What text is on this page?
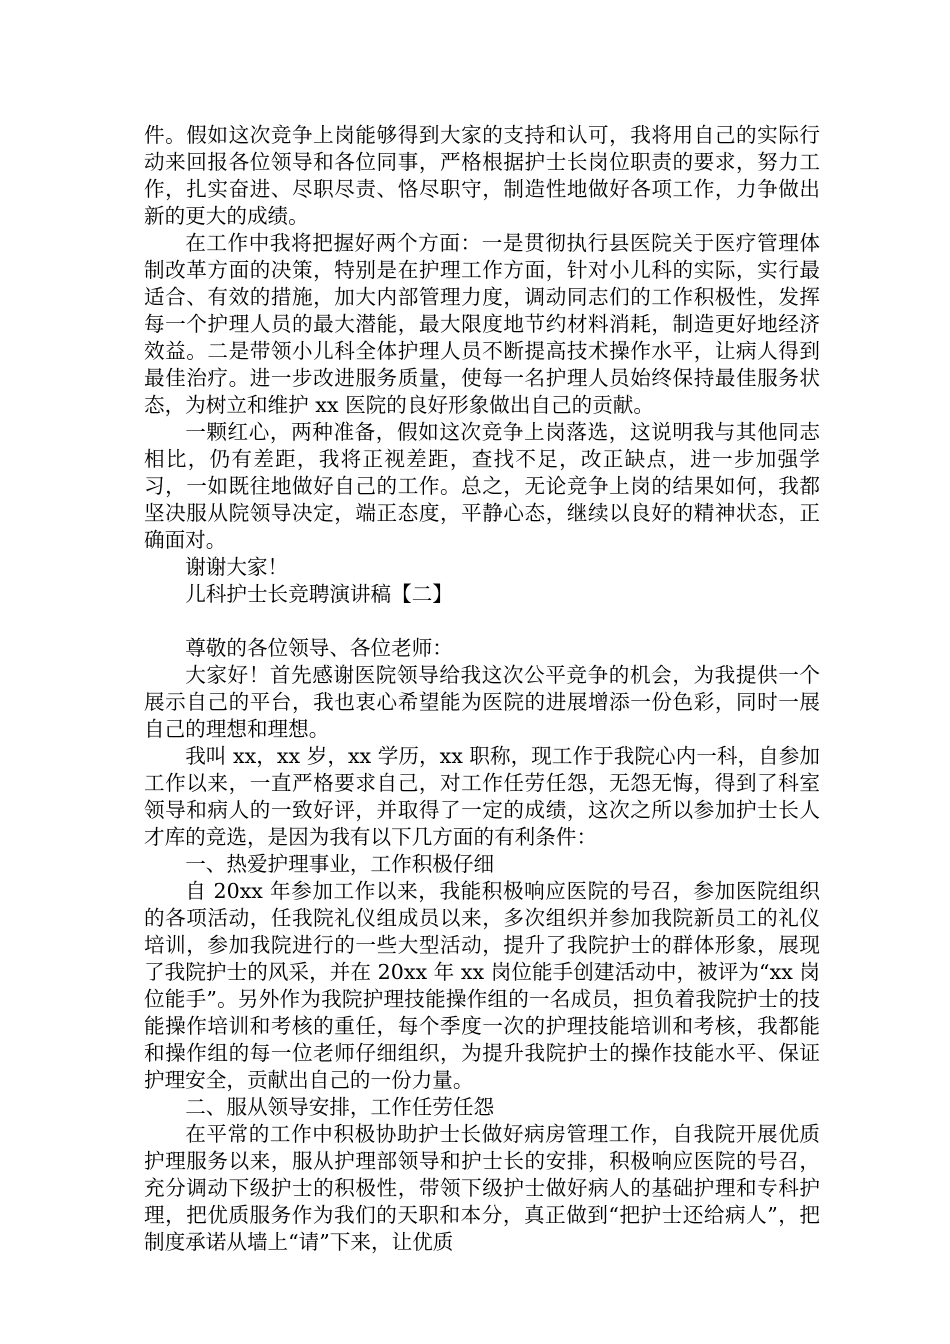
件。假如这次竞争上岗能够得到大家的支持和认可，我将用自己的实际行动来回报各位领导和各位同事，严格根据护士长岗位职责的要求，努力工作，扎实奋进、尽职尽责、恪尽职守，制造性地做好各项工作，力争做出新的更大的成绩。

在工作中我将把握好两个方面：一是贯彻执行县医院关于医疗管理体制改革方面的决策，特别是在护理工作方面，针对小儿科的实际，实行最适合、有效的措施，加大内部管理力度，调动同志们的工作积极性，发挥每一个护理人员的最大潜能，最大限度地节约材料消耗，制造更好地经济效益。二是带领小儿科全体护理人员不断提高技术操作水平，让病人得到最佳治疗。进一步改进服务质量，使每一名护理人员始终保持最佳服务状态，为树立和维护 xx 医院的良好形象做出自己的贡献。

一颗红心，两种准备，假如这次竞争上岗落选，这说明我与其他同志相比，仍有差距，我将正视差距，查找不足，改正缺点，进一步加强学习，一如既往地做好自己的工作。总之，无论竞争上岗的结果如何，我都坚决服从院领导决定，端正态度，平静心态，继续以良好的精神状态，正确面对。

谢谢大家！

儿科护士长竞聘演讲稿【二】

尊敬的各位领导、各位老师：

大家好！首先感谢医院领导给我这次公平竞争的机会，为我提供一个展示自己的平台，我也衷心希望能为医院的进展增添一份色彩，同时一展自己的理想和理想。

我叫 xx，xx 岁，xx 学历，xx 职称，现工作于我院心内一科，自参加工作以来，一直严格要求自己，对工作任劳任怨，无怨无悔，得到了科室领导和病人的一致好评，并取得了一定的成绩，这次之所以参加护士长人才库的竞选，是因为我有以下几方面的有利条件：

一、热爱护理事业，工作积极仔细

自 20xx 年参加工作以来，我能积极响应医院的号召，参加医院组织的各项活动，任我院礼仪组成员以来，多次组织并参加我院新员工的礼仪培训，参加我院进行的一些大型活动，提升了我院护士的群体形象，展现了我院护士的风采，并在 20xx 年 xx 岗位能手创建活动中，被评为“xx 岗位能手”。另外作为我院护理技能操作组的一名成员，担负着我院护士的技能操作培训和考核的重任，每个季度一次的护理技能培训和考核，我都能和操作组的每一位老师仔细组织，为提升我院护士的操作技能水平、保证护理安全，贡献出自己的一份力量。

二、服从领导安排，工作任劳任怨

在平常的工作中积极协助护士长做好病房管理工作，自我院开展优质护理服务以来，服从护理部领导和护士长的安排，积极响应医院的号召，充分调动下级护士的积极性，带领下级护士做好病人的基础护理和专科护理，把优质服务作为我们的天职和本分，真正做到“把护士还给病人”，把制度承诺从墙上“请”下来，让优质
